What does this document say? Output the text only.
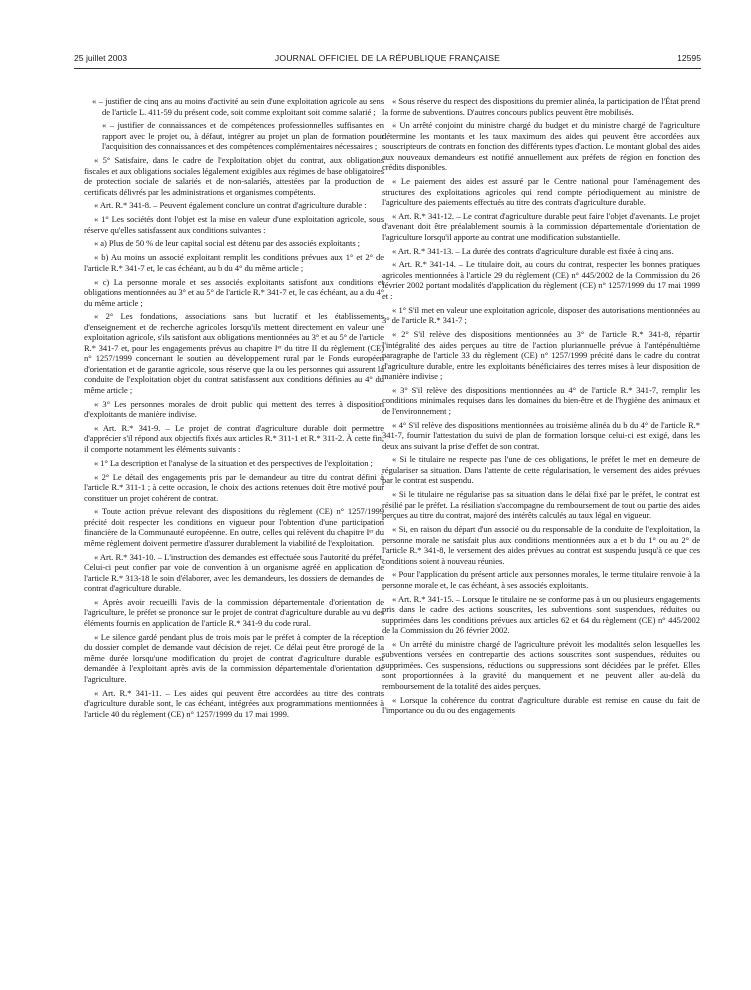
25 juillet 2003	JOURNAL OFFICIEL DE LA RÉPUBLIQUE FRANÇAISE	12595

« – justifier de cinq ans au moins d'activité au sein d'une exploitation agricole au sens de l'article L. 411-59 du présent code, soit comme exploitant soit comme salarié ;

« – justifier de connaissances et de compétences professionnelles suffisantes en rapport avec le projet ou, à défaut, intégrer au projet un plan de formation pour l'acquisition des connaissances et des compétences complémentaires nécessaires ;

« 5° Satisfaire, dans le cadre de l'exploitation objet du contrat, aux obligations fiscales et aux obligations sociales légalement exigibles aux régimes de base obligatoires de protection sociale de salariés et de non-salariés, attestées par la production de certificats délivrés par les administrations et organismes compétents.

« Art. R.* 341-8. – Peuvent également conclure un contrat d'agriculture durable :

« 1° Les sociétés dont l'objet est la mise en valeur d'une exploitation agricole, sous réserve qu'elles satisfassent aux conditions suivantes :

« a) Plus de 50 % de leur capital social est détenu par des associés exploitants ;

« b) Au moins un associé exploitant remplit les conditions prévues aux 1° et 2° de l'article R.* 341-7 et, le cas échéant, au b du 4° du même article ;

« c) La personne morale et ses associés exploitants satisfont aux conditions et obligations mentionnées au 3° et au 5° de l'article R.* 341-7 et, le cas échéant, au a du 4° du même article ;

« 2° Les fondations, associations sans but lucratif et les établissements d'enseignement et de recherche agricoles lorsqu'ils mettent directement en valeur une exploitation agricole, s'ils satisfont aux obligations mentionnées au 3° et au 5° de l'article R.* 341-7 et, pour les engagements prévus au chapitre Iᵉʳ du titre II du règlement (CE) n° 1257/1999 concernant le soutien au développement rural par le Fonds européen d'orientation et de garantie agricole, sous réserve que la ou les personnes qui assurent la conduite de l'exploitation objet du contrat satisfassent aux conditions définies au 4° du même article ;

« 3° Les personnes morales de droit public qui mettent des terres à disposition d'exploitants de manière indivise.

« Art. R.* 341-9. – Le projet de contrat d'agriculture durable doit permettre d'apprécier s'il répond aux objectifs fixés aux articles R.* 311-1 et R.* 311-2. À cette fin, il comporte notamment les éléments suivants :

« 1° La description et l'analyse de la situation et des perspectives de l'exploitation ;

« 2° Le détail des engagements pris par le demandeur au titre du contrat défini à l'article R.* 311-1 ; à cette occasion, le choix des actions retenues doit être motivé pour constituer un projet cohérent de contrat.

« Toute action prévue relevant des dispositions du règlement (CE) n° 1257/1999 précité doit respecter les conditions en vigueur pour l'obtention d'une participation financière de la Communauté européenne. En outre, celles qui relèvent du chapitre Iᵉʳ du même règlement doivent permettre d'assurer durablement la viabilité de l'exploitation.

« Art. R.* 341-10. – L'instruction des demandes est effectuée sous l'autorité du préfet. Celui-ci peut confier par voie de convention à un organisme agréé en application de l'article R.* 313-18 le soin d'élaborer, avec les demandeurs, les dossiers de demandes de contrat d'agriculture durable.

« Après avoir recueilli l'avis de la commission départementale d'orientation de l'agriculture, le préfet se prononce sur le projet de contrat d'agriculture durable au vu des éléments fournis en application de l'article R.* 341-9 du code rural.

« Le silence gardé pendant plus de trois mois par le préfet à compter de la réception du dossier complet de demande vaut décision de rejet. Ce délai peut être prorogé de la même durée lorsqu'une modification du projet de contrat d'agriculture durable est demandée à l'exploitant après avis de la commission départementale d'orientation de l'agriculture.

« Art. R.* 341-11. – Les aides qui peuvent être accordées au titre des contrats d'agriculture durable sont, le cas échéant, intégrées aux programmations mentionnées à l'article 40 du règlement (CE) n° 1257/1999 du 17 mai 1999.

« Sous réserve du respect des dispositions du premier alinéa, la participation de l'État prend la forme de subventions. D'autres concours publics peuvent être mobilisés.

« Un arrêté conjoint du ministre chargé du budget et du ministre chargé de l'agriculture détermine les montants et les taux maximum des aides qui peuvent être accordées aux souscripteurs de contrats en fonction des différents types d'action. Le montant global des aides aux nouveaux demandeurs est notifié annuellement aux préfets de région en fonction des crédits disponibles.

« Le paiement des aides est assuré par le Centre national pour l'aménagement des structures des exploitations agricoles qui rend compte périodiquement au ministre de l'agriculture des paiements effectués au titre des contrats d'agriculture durable.

« Art. R.* 341-12. – Le contrat d'agriculture durable peut faire l'objet d'avenants. Le projet d'avenant doit être préalablement soumis à la commission départementale d'orientation de l'agriculture lorsqu'il apporte au contrat une modification substantielle.

« Art. R.* 341-13. – La durée des contrats d'agriculture durable est fixée à cinq ans.

« Art. R.* 341-14. – Le titulaire doit, au cours du contrat, respecter les bonnes pratiques agricoles mentionnées à l'article 29 du règlement (CE) n° 445/2002 de la Commission du 26 février 2002 portant modalités d'application du règlement (CE) n° 1257/1999 du 17 mai 1999 et :

« 1° S'il met en valeur une exploitation agricole, disposer des autorisations mentionnées au 3° de l'article R.* 341-7 ;

« 2° S'il relève des dispositions mentionnées au 3° de l'article R.* 341-8, répartir l'intégralité des aides perçues au titre de l'action pluriannuelle prévue à l'antépénultième paragraphe de l'article 33 du règlement (CE) n° 1257/1999 précité dans le cadre du contrat d'agriculture durable, entre les exploitants bénéficiaires des terres mises à leur disposition de manière indivise ;

« 3° S'il relève des dispositions mentionnées au 4° de l'article R.* 341-7, remplir les conditions minimales requises dans les domaines du bien-être et de l'hygiène des animaux et de l'environnement ;

« 4° S'il relève des dispositions mentionnées au troisième alinéa du b du 4° de l'article R.* 341-7, fournir l'attestation du suivi de plan de formation lorsque celui-ci est exigé, dans les deux ans suivant la prise d'effet de son contrat.

« Si le titulaire ne respecte pas l'une de ces obligations, le préfet le met en demeure de régulariser sa situation. Dans l'attente de cette régularisation, le versement des aides prévues par le contrat est suspendu.

« Si le titulaire ne régularise pas sa situation dans le délai fixé par le préfet, le contrat est résilié par le préfet. La résiliation s'accompagne du remboursement de tout ou partie des aides perçues au titre du contrat, majoré des intérêts calculés au taux légal en vigueur.

« Si, en raison du départ d'un associé ou du responsable de la conduite de l'exploitation, la personne morale ne satisfait plus aux conditions mentionnées aux a et b du 1° ou au 2° de l'article R.* 341-8, le versement des aides prévues au contrat est suspendu jusqu'à ce que ces conditions soient à nouveau réunies.

« Pour l'application du présent article aux personnes morales, le terme titulaire renvoie à la personne morale et, le cas échéant, à ses associés exploitants.

« Art. R.* 341-15. – Lorsque le titulaire ne se conforme pas à un ou plusieurs engagements pris dans le cadre des actions souscrites, les subventions sont suspendues, réduites ou supprimées dans les conditions prévues aux articles 62 et 64 du règlement (CE) n° 445/2002 de la Commission du 26 février 2002.

« Un arrêté du ministre chargé de l'agriculture prévoit les modalités selon lesquelles les subventions versées en contrepartie des actions souscrites sont suspendues, réduites ou supprimées. Ces suspensions, réductions ou suppressions sont décidées par le préfet. Elles sont proportionnées à la gravité du manquement et ne peuvent aller au-delà du remboursement de la totalité des aides perçues.

« Lorsque la cohérence du contrat d'agriculture durable est remise en cause du fait de l'importance ou du ou des engagements
